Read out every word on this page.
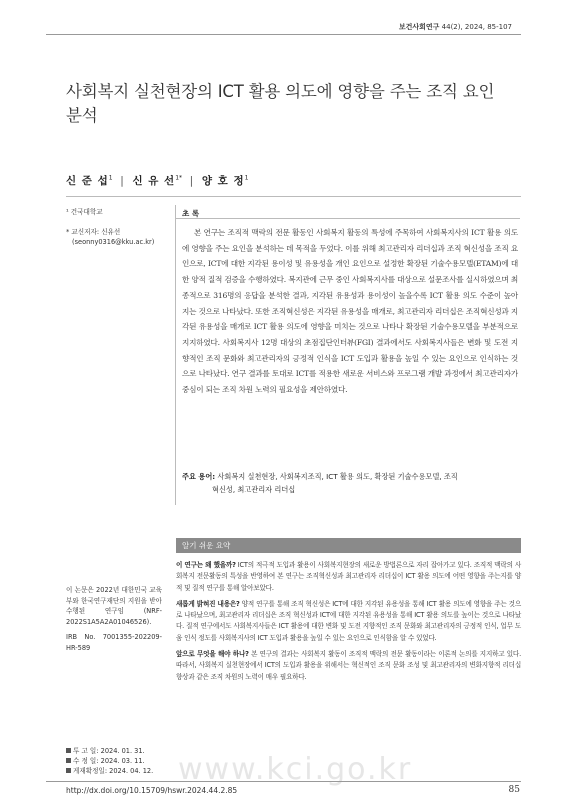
보건사회연구 44(2), 2024, 85-107
사회복지 실천현장의 ICT 활용 의도에 영향을 주는 조직 요인 분석
신 준 섭$^1$ | 신 유 선$^{1*}$ | 양 호 정$^1$
¹ 건국대학교
* 교신저자: 신유선
(seonny0316@kku.ac.kr)
초 록
본 연구는 조직적 맥락의 전문 활동인 사회복지 활동의 특성에 주목하여 사회복지사의 ICT 활용 의도에 영향을 주는 요인을 분석하는 데 목적을 두었다. 이를 위해 최고관리자 리더십과 조직 혁신성을 조직 요인으로, ICT에 대한 지각된 용이성 및 유용성을 개인 요인으로 설정한 확장된 기술수용모델(ETAM)에 대한 양적 질적 검증을 수행하였다. 복지관에 근무 중인 사회복지사를 대상으로 설문조사를 실시하였으며 최종적으로 316명의 응답을 분석한 결과, 지각된 유용성과 용이성이 높을수록 ICT 활용 의도 수준이 높아지는 것으로 나타났다. 또한 조직혁신성은 지각된 유용성을 매개로, 최고관리자 리더십은 조직혁신성과 지각된 유용성을 매개로 ICT 활용 의도에 영향을 미치는 것으로 나타나 확장된 기술수용모델을 부분적으로 지지하였다. 사회복지사 12명 대상의 초점집단인터뷰(FGI) 결과에서도 사회복지사들은 변화 및 도전 지향적인 조직 문화와 최고관리자의 긍정적 인식을 ICT 도입과 활용을 높일 수 있는 요인으로 인식하는 것으로 나타났다. 연구 결과를 토대로 ICT를 적용한 새로운 서비스와 프로그램 개발 과정에서 최고관리자가 중심이 되는 조직 차원 노력의 필요성을 제안하였다.
주요 용어: 사회복지 실천현장, 사회복지조직, ICT 활용 의도, 확장된 기술수용모델, 조직
혁신성, 최고관리자 리더십
알기 쉬운 요약

이 연구는 왜 했을까? ICT의 적극적 도입과 활용이 사회복지현장의 새로운 방법론으로 자리 잡아가고 있다. 조직적 맥락의 사회복지 전문활동의 특성을 반영하여 본 연구는 조직혁신성과 최고관리자 리더십이 ICT 활용 의도에 어떤 영향을 주는지를 양적 및 질적 연구를 통해 알아보았다.

새롭게 밝혀진 내용은? 양적 연구를 통해 조직 혁신성은 ICT에 대한 지각된 유용성을 통해 ICT 활용 의도에 영향을 주는 것으로 나타났으며, 최고관리자 리더십은 조직 혁신성과 ICT에 대한 지각된 유용성을 통해 ICT 활용 의도를 높이는 것으로 나타났다. 질적 연구에서도 사회복지사들은 ICT 활용에 대한 변화 및 도전 지향적인 조직 문화와 최고관리자의 긍정적 인식, 업무 도움 인식 정도를 사회복지사의 ICT 도입과 활용을 높일 수 있는 요인으로 인식함을 알 수 있었다.

앞으로 무엇을 해야 하나? 본 연구의 결과는 사회복지 활동이 조직적 맥락의 전문 활동이라는 이론적 논의를 지지하고 있다. 따라서, 사회복지 실천현장에서 ICT의 도입과 활용을 위해서는 혁신적인 조직 문화 조성 및 최고관리자의 변화지향적 리더십 향상과 같은 조직 차원의 노력이 매우 필요하다.

이 논문은 2022년 대한민국 교육부와 한국연구재단의 지원을 받아 수행된 연구임 (NRF-2022S1A5A2A01046526).

IRB No. 7001355-202209-HR-589

투 고 일: 2024. 01. 31.
수 정 일: 2024. 03. 11.
게재확정일: 2024. 04. 12. www.kci.go.kr
http://dx.doi.org/10.15709/hswr.2024.44.2.85	85
